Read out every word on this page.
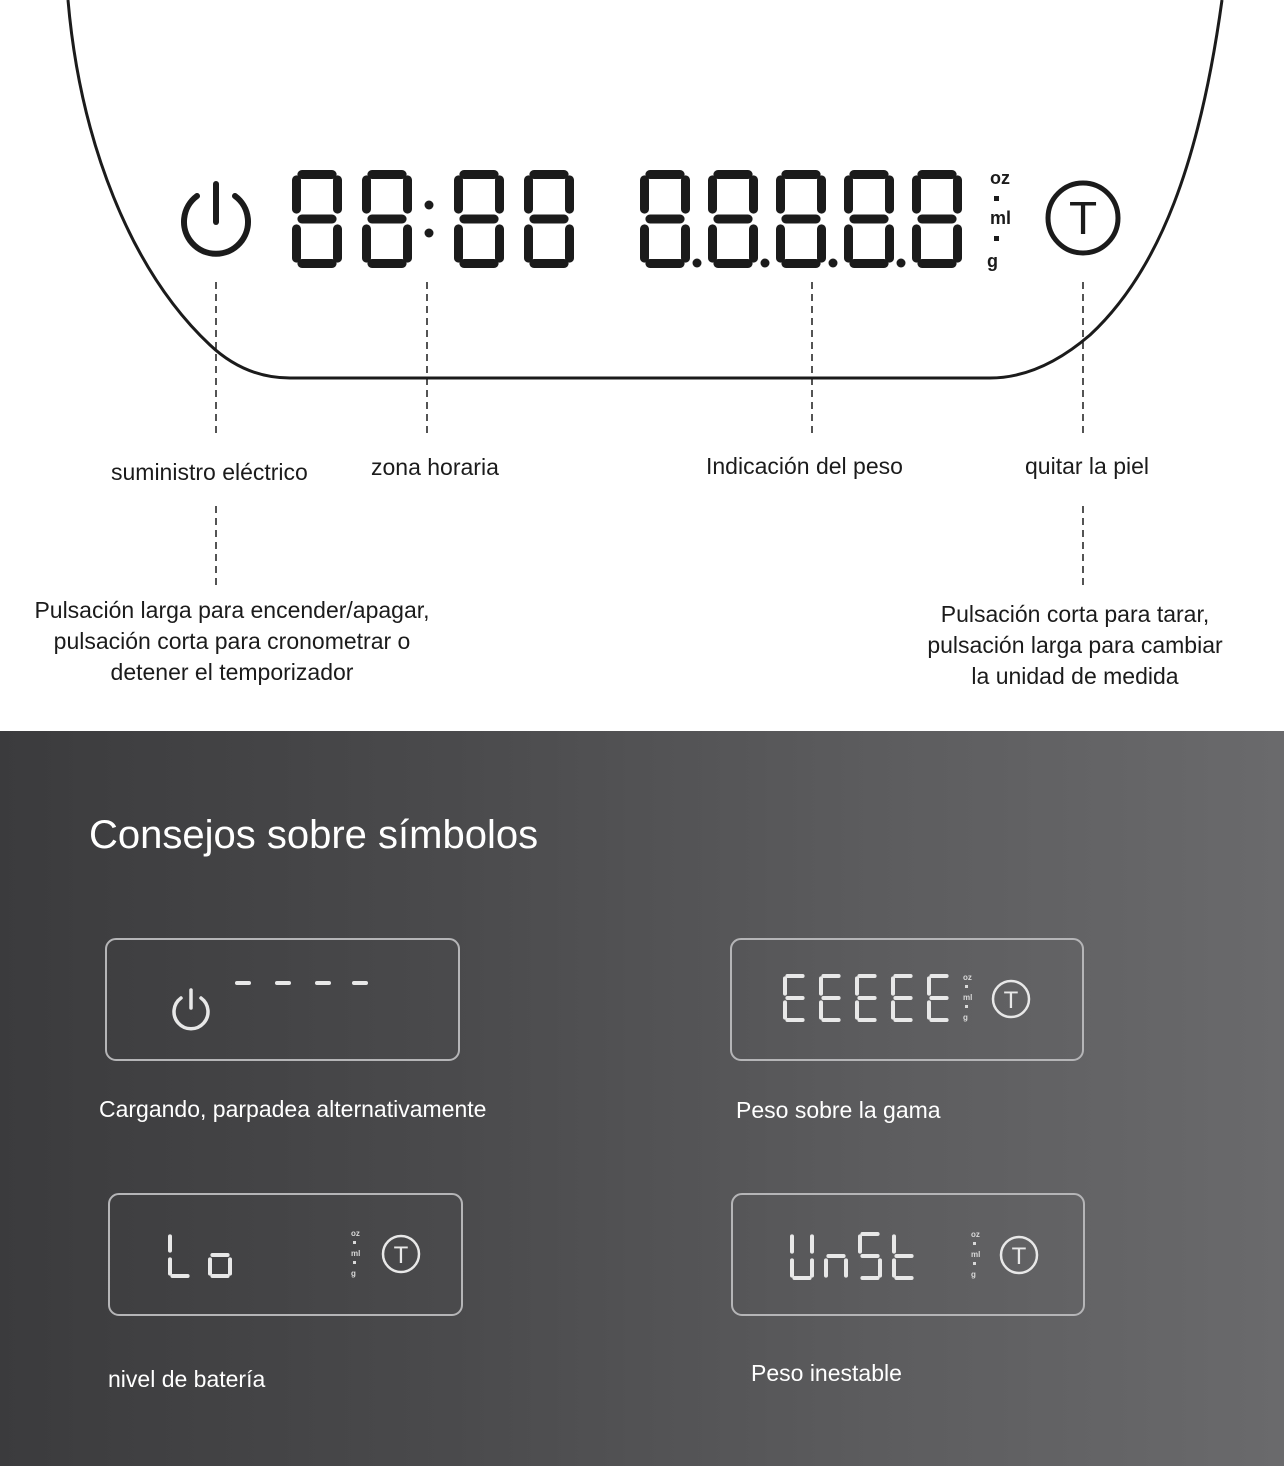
oz
ml
g
T
suministro eléctrico	zona horaria	Indicación del peso	quitar la piel
Pulsación larga para encender/apagar,
pulsación corta para cronometrar o
detener el temporizador
Pulsación corta para tarar,
pulsación larga para cambiar
la unidad de medida
Consejos sobre símbolos
oz
ml
g
T
oz
ml
g
T
oz
ml
g
T
Cargando, parpadea alternativamente	Peso sobre la gama
nivel de batería	Peso inestable
